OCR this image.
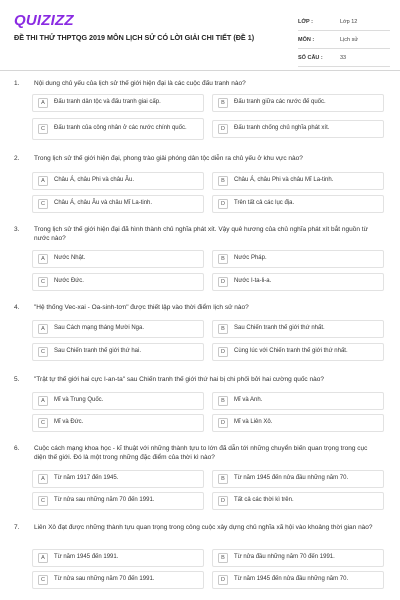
QUIZIZZ
ĐỀ THI THỬ THPTQG 2019 MÔN LỊCH SỬ CÓ LỜI GIẢI CHI TIẾT (ĐỀ 1)
LỚP :	Lớp 12
MÔN :	Lịch sử
SỐ CÂU :	33
1. Nội dung chủ yếu của lịch sử thế giới hiện đại là các cuộc đấu tranh nào?
A	Đấu tranh dân tộc và đấu tranh giai cấp.	B	Đấu tranh giữa các nước đế quốc.
C	Đấu tranh của công nhân ở các nước chính quốc.	D	Đấu tranh chống chủ nghĩa phát xít.
2. Trong lịch sử thế giới hiện đại, phong trào giải phóng dân tộc diễn ra chủ yếu ở khu vực nào?
A	Châu Á, châu Phi và châu Âu.	B	Châu Á, châu Phi và châu Mĩ La-tinh.
C	Châu Á, châu Âu và châu Mĩ La-tinh.	D	Trên tất cả các lục địa.
3. Trong lịch sử thế giới hiện đại đã hình thành chủ nghĩa phát xít. Vậy quê hương của chủ nghĩa phát xít bắt nguồn từ nước nào?
A	Nước Nhật.	B	Nước Pháp.
C	Nước Đức.	D	Nước I-ta-li-a.
4. "Hệ thống Vec-xai - Oa-sinh-tơn" được thiết lập vào thời điểm lịch sử nào?
A	Sau Cách mạng tháng Mười Nga.	B	Sau Chiến tranh thế giới thứ nhất.
C	Sau Chiến tranh thế giới thứ hai.	D	Cùng lúc với Chiến tranh thế giới thứ nhất.
5. "Trật tự thế giới hai cực I-an-ta" sau Chiến tranh thế giới thứ hai bị chi phối bởi hai cường quốc nào?
A	Mĩ và Trung Quốc.	B	Mĩ và Anh.
C	Mĩ và Đức.	D	Mĩ và Liên Xô.
6. Cuộc cách mạng khoa học - kĩ thuật với những thành tựu to lớn đã dẫn tới những chuyển biến quan trọng trong cục diện thế giới. Đó là một trong những đặc điểm của thời kì nào?
A	Từ năm 1917 đến 1945.	B	Từ năm 1945 đến nửa đầu những năm 70.
C	Từ nửa sau những năm 70 đến 1991.	D	Tất cả các thời kì trên.
7. Liên Xô đạt được những thành tựu quan trọng trong công cuộc xây dựng chủ nghĩa xã hội vào khoảng thời gian nào?
A	Từ năm 1945 đến 1991.	B	Từ nửa đầu những năm 70 đến 1991.
C	Từ nửa sau những năm 70 đến 1991.	D	Từ năm 1945 đến nửa đầu những năm 70.
